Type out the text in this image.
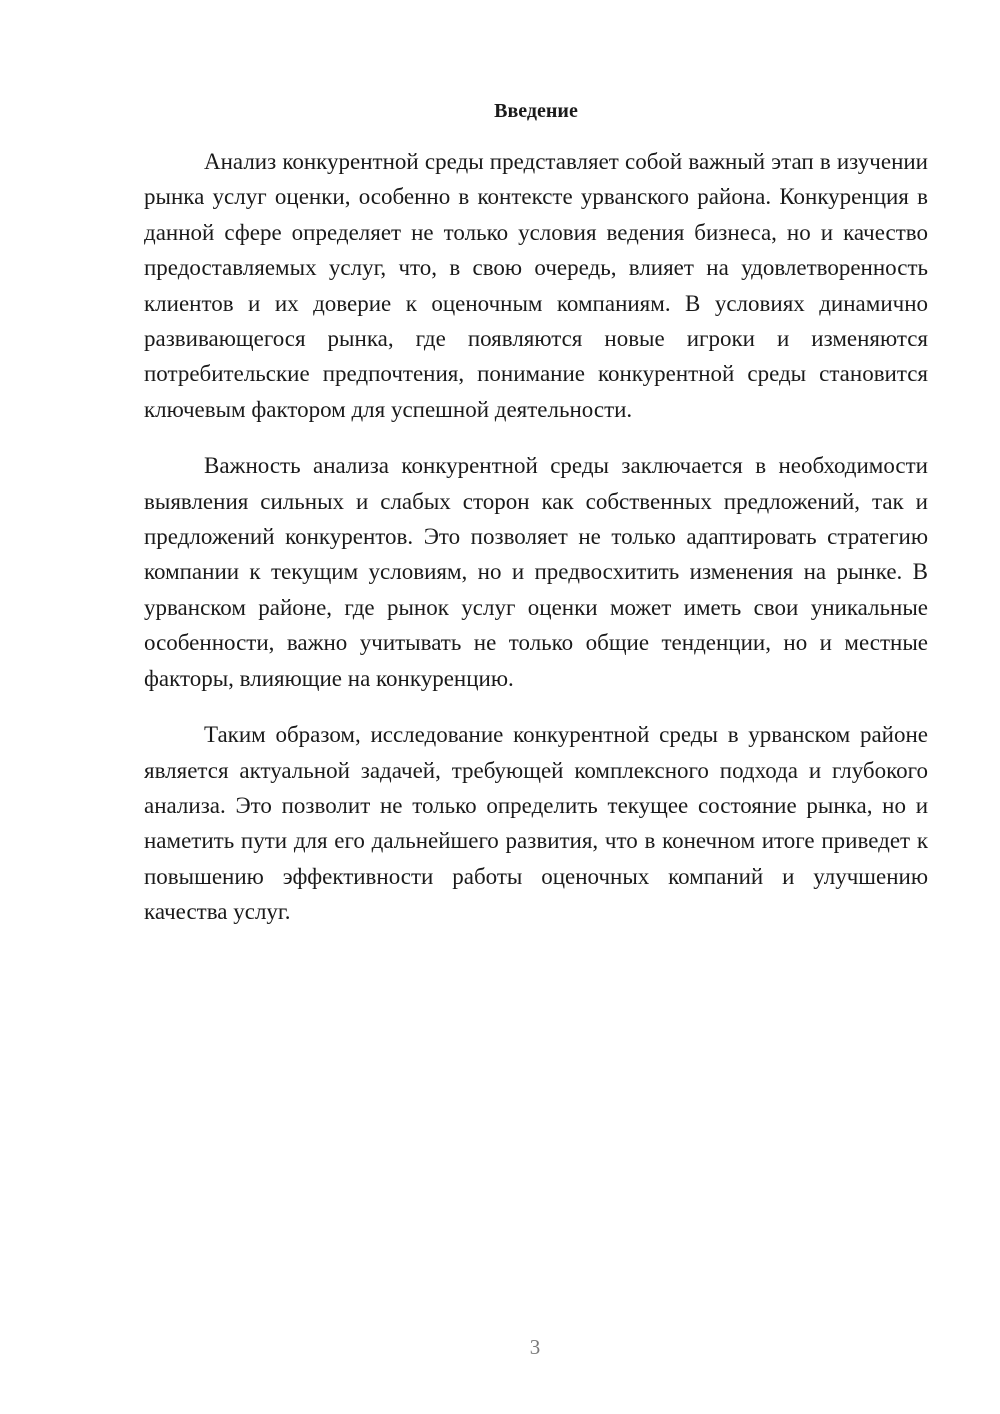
Введение

Анализ конкурентной среды представляет собой важный этап в изучении рынка услуг оценки, особенно в контексте урванского района. Конкуренция в данной сфере определяет не только условия ведения бизнеса, но и качество предоставляемых услуг, что, в свою очередь, влияет на удовлетворенность клиентов и их доверие к оценочным компаниям. В условиях динамично развивающегося рынка, где появляются новые игроки и изменяются потребительские предпочтения, понимание конкурентной среды становится ключевым фактором для успешной деятельности.

Важность анализа конкурентной среды заключается в необходимости выявления сильных и слабых сторон как собственных предложений, так и предложений конкурентов. Это позволяет не только адаптировать стратегию компании к текущим условиям, но и предвосхитить изменения на рынке. В урванском районе, где рынок услуг оценки может иметь свои уникальные особенности, важно учитывать не только общие тенденции, но и местные факторы, влияющие на конкуренцию.

Таким образом, исследование конкурентной среды в урванском районе является актуальной задачей, требующей комплексного подхода и глубокого анализа. Это позволит не только определить текущее состояние рынка, но и наметить пути для его дальнейшего развития, что в конечном итоге приведет к повышению эффективности работы оценочных компаний и улучшению качества услуг.

3
